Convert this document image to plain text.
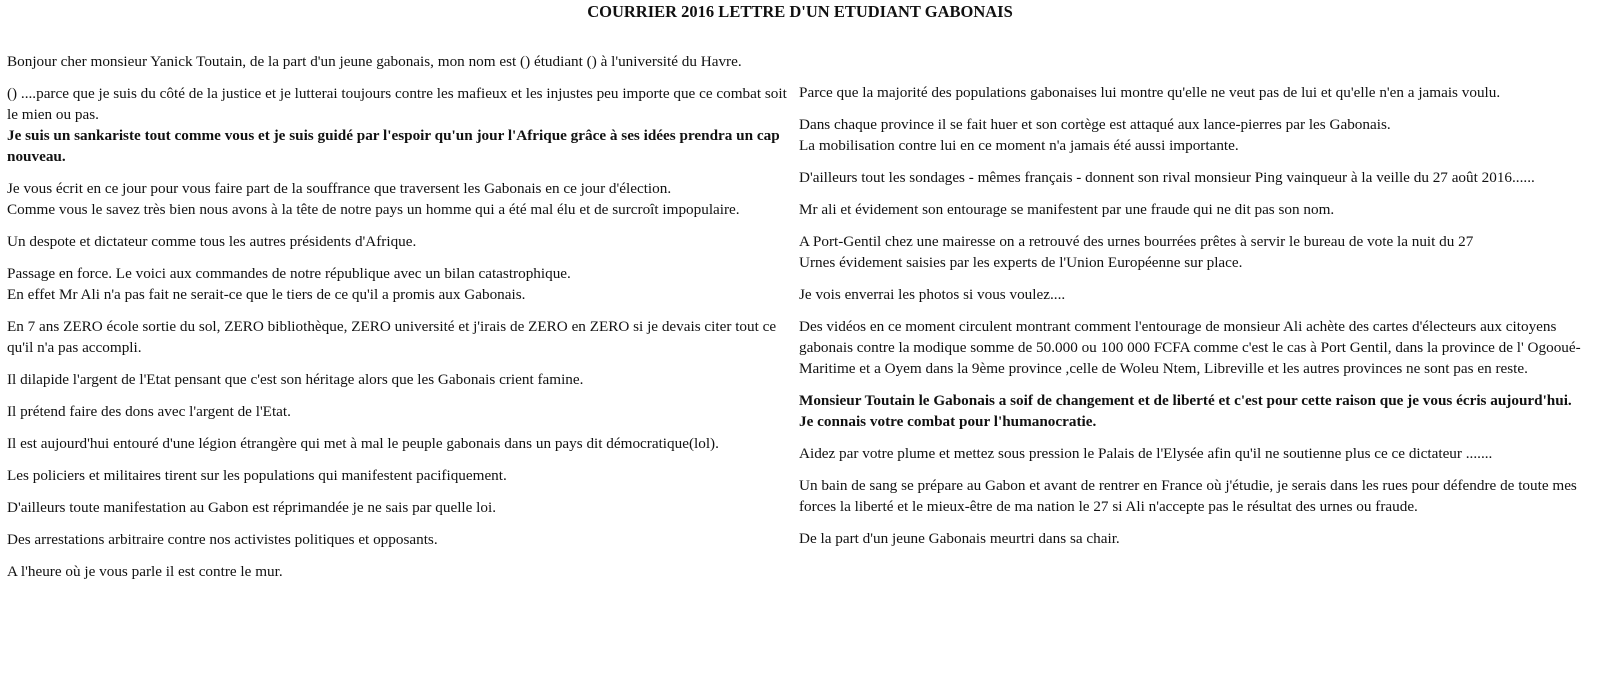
COURRIER 2016 LETTRE D'UN ETUDIANT GABONAIS

Bonjour cher monsieur Yanick Toutain, de la part d'un jeune gabonais, mon nom est () étudiant () à l'université du Havre.

() ....parce que je suis du côté de la justice et je lutterai toujours contre les mafieux et les injustes peu importe que ce combat soit le mien ou pas.

Je suis un sankariste tout comme vous et je suis guidé par l'espoir qu'un jour l'Afrique grâce à ses idées prendra un cap nouveau.

Je vous écrit en ce jour pour vous faire part de la souffrance que traversent les Gabonais en ce jour d'élection.
Comme vous le savez très bien nous avons à la tête de notre pays un homme qui a été mal élu et de surcroît impopulaire.

Un despote et dictateur comme tous les autres présidents d'Afrique.

Passage en force. Le voici aux commandes de notre république avec un bilan catastrophique.
En effet Mr Ali n'a pas fait ne serait-ce que le tiers de ce qu'il a promis aux Gabonais.

En 7 ans ZERO école sortie du sol, ZERO bibliothèque, ZERO université et j'irais de ZERO en ZERO si je devais citer tout ce qu'il n'a pas accompli.

Il dilapide l'argent de l'Etat pensant que c'est son héritage alors que les Gabonais crient famine.

Il prétend faire des dons avec l'argent de l'Etat.

Il est aujourd'hui entouré d'une légion étrangère qui met à mal le peuple gabonais dans un pays dit démocratique(lol).

Les policiers et militaires tirent sur les populations qui manifestent pacifiquement.

D'ailleurs toute manifestation au Gabon est réprimandée je ne sais par quelle loi.

Des arrestations arbitraire contre nos activistes politiques et opposants.

A l'heure où je vous parle il est contre le mur.

Parce que la majorité des populations gabonaises lui montre qu'elle ne veut pas de lui et qu'elle n'en a jamais voulu.

Dans chaque province il se fait huer et son cortège est attaqué aux lance-pierres par les Gabonais.
La mobilisation contre lui en ce moment n'a jamais été aussi importante.

D'ailleurs tout les sondages - mêmes français - donnent son rival monsieur Ping vainqueur à la veille du 27 août 2016......

Mr ali et évidement son entourage se manifestent par une fraude qui ne dit pas son nom.

A Port-Gentil chez une mairesse on a retrouvé des urnes bourrées prêtes à servir le bureau de vote la nuit du 27
Urnes évidement saisies par les experts de l'Union Européenne sur place.

Je vois enverrai les photos si vous voulez....

Des vidéos en ce moment circulent montrant comment l'entourage de monsieur Ali achète des cartes d'électeurs aux citoyens gabonais contre la modique somme de 50.000 ou 100 000 FCFA comme c'est le cas à Port Gentil, dans la province de l' Ogooué-Maritime et a Oyem dans la 9ème province ,celle de Woleu Ntem, Libreville et les autres provinces ne sont pas en reste.

Monsieur Toutain le Gabonais a soif de changement et de liberté et c'est pour cette raison que je vous écris aujourd'hui.
Je connais votre combat pour l'humanocratie.

Aidez par votre plume et mettez sous pression le Palais de l'Elysée afin qu'il ne soutienne plus ce ce dictateur .......

Un bain de sang se prépare au Gabon et avant de rentrer en France où j'étudie, je serais dans les rues pour défendre de toute mes forces la liberté et le mieux-être de ma nation le 27 si Ali n'accepte pas le résultat des urnes ou fraude.

De la part d'un jeune Gabonais meurtri dans sa chair.
